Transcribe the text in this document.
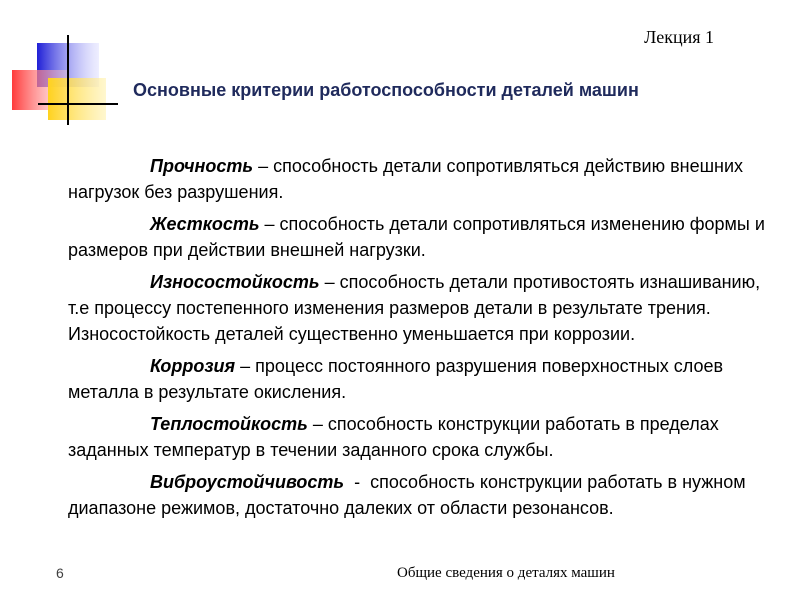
Лекция 1
Основные критерии работоспособности деталей машин

Прочность – способность детали сопротивляться действию внешних нагрузок без разрушения.

Жесткость – способность детали сопротивляться изменению формы и размеров при действии внешней нагрузки.

Износостойкость – способность детали противостоять изнашиванию, т.е процессу постепенного изменения размеров детали в результате трения. Износостойкость деталей существенно уменьшается при коррозии.

Коррозия – процесс постоянного разрушения поверхностных слоев металла в результате окисления.

Теплостойкость – способность конструкции работать в пределах заданных температур в течении заданного срока службы.

Виброустойчивость  -  способность конструкции работать в нужном диапазоне режимов, достаточно далеких от области резонансов.

6	Общие сведения о деталях машин
